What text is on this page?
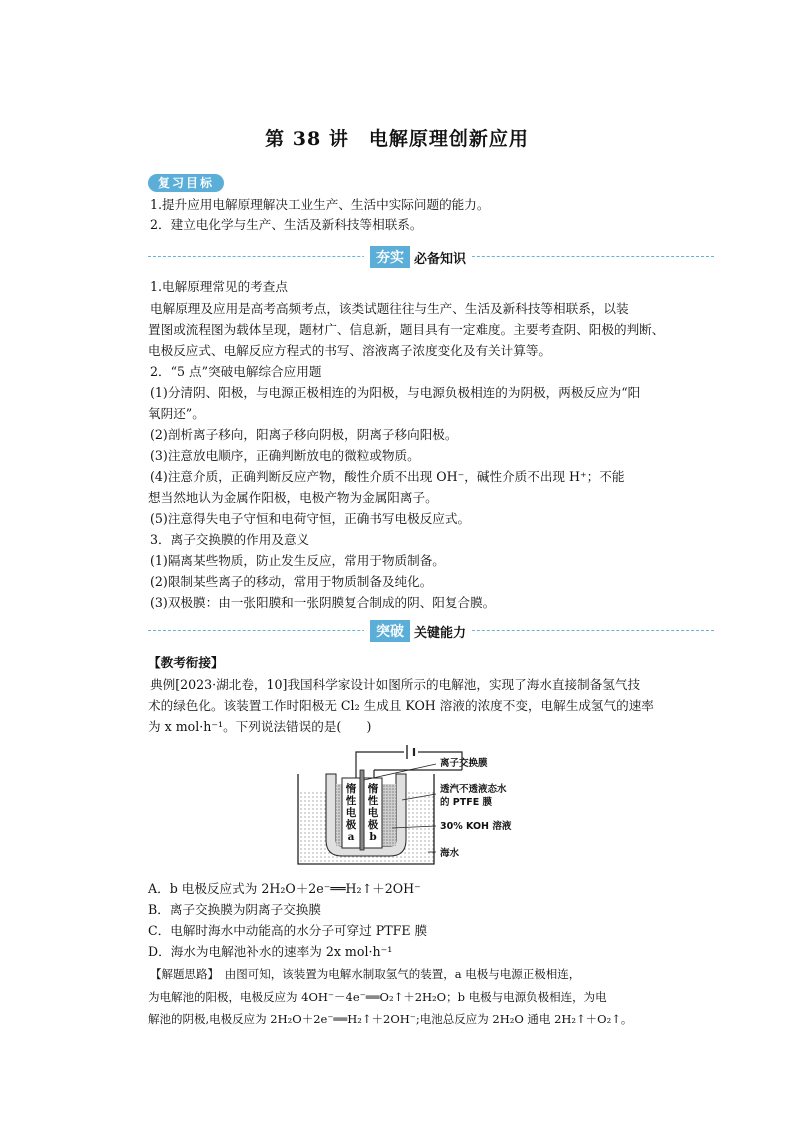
第 38 讲　电解原理创新应用
复习目标
1.提升应用电解原理解决工业生产、生活中实际问题的能力。
2．建立电化学与生产、生活及新科技等相联系。
夯实 必备知识
1.电解原理常见的考查点
电解原理及应用是高考高频考点，该类试题往往与生产、生活及新科技等相联系，以装
置图或流程图为载体呈现，题材广、信息新，题目具有一定难度。主要考查阴、阳极的判断、
电极反应式、电解反应方程式的书写、溶液离子浓度变化及有关计算等。
2．“5 点”突破电解综合应用题
(1)分清阴、阳极，与电源正极相连的为阳极，与电源负极相连的为阴极，两极反应为“阳
氧阴还”。
(2)剖析离子移向，阳离子移向阴极，阴离子移向阳极。
(3)注意放电顺序，正确判断放电的微粒或物质。
(4)注意介质，正确判断反应产物，酸性介质不出现 OH⁻，碱性介质不出现 H⁺；不能
想当然地认为金属作阳极，电极产物为金属阳离子。
(5)注意得失电子守恒和电荷守恒，正确书写电极反应式。
3．离子交换膜的作用及意义
(1)隔离某些物质，防止发生反应，常用于物质制备。
(2)限制某些离子的移动，常用于物质制备及纯化。
(3)双极膜：由一张阳膜和一张阴膜复合制成的阴、阳复合膜。
突破 关键能力
【教考衔接】
典例[2023·湖北卷，10]我国科学家设计如图所示的电解池，实现了海水直接制备氢气技
术的绿色化。该装置工作时阳极无 Cl₂ 生成且 KOH 溶液的浓度不变，电解生成氢气的速率
为 x mol·h⁻¹。下列说法错误的是(　　)
惰
性
电
极
a
惰
性
电
极
b
离子交换膜
透汽不透液态水
的 PTFE 膜
30% KOH 溶液
海水
A．b 电极反应式为 2H₂O＋2e⁻══H₂↑＋2OH⁻
B．离子交换膜为阴离子交换膜
C．电解时海水中动能高的水分子可穿过 PTFE 膜
D．海水为电解池补水的速率为 2x mol·h⁻¹
【解题思路】　由图可知，该装置为电解水制取氢气的装置，a 电极与电源正极相连，
为电解池的阳极，电极反应为 4OH⁻－4e⁻══O₂↑＋2H₂O；b 电极与电源负极相连，为电
解池的阴极,电极反应为 2H₂O＋2e⁻══H₂↑＋2OH⁻;电池总反应为 2H₂O 通电 2H₂↑＋O₂↑。
